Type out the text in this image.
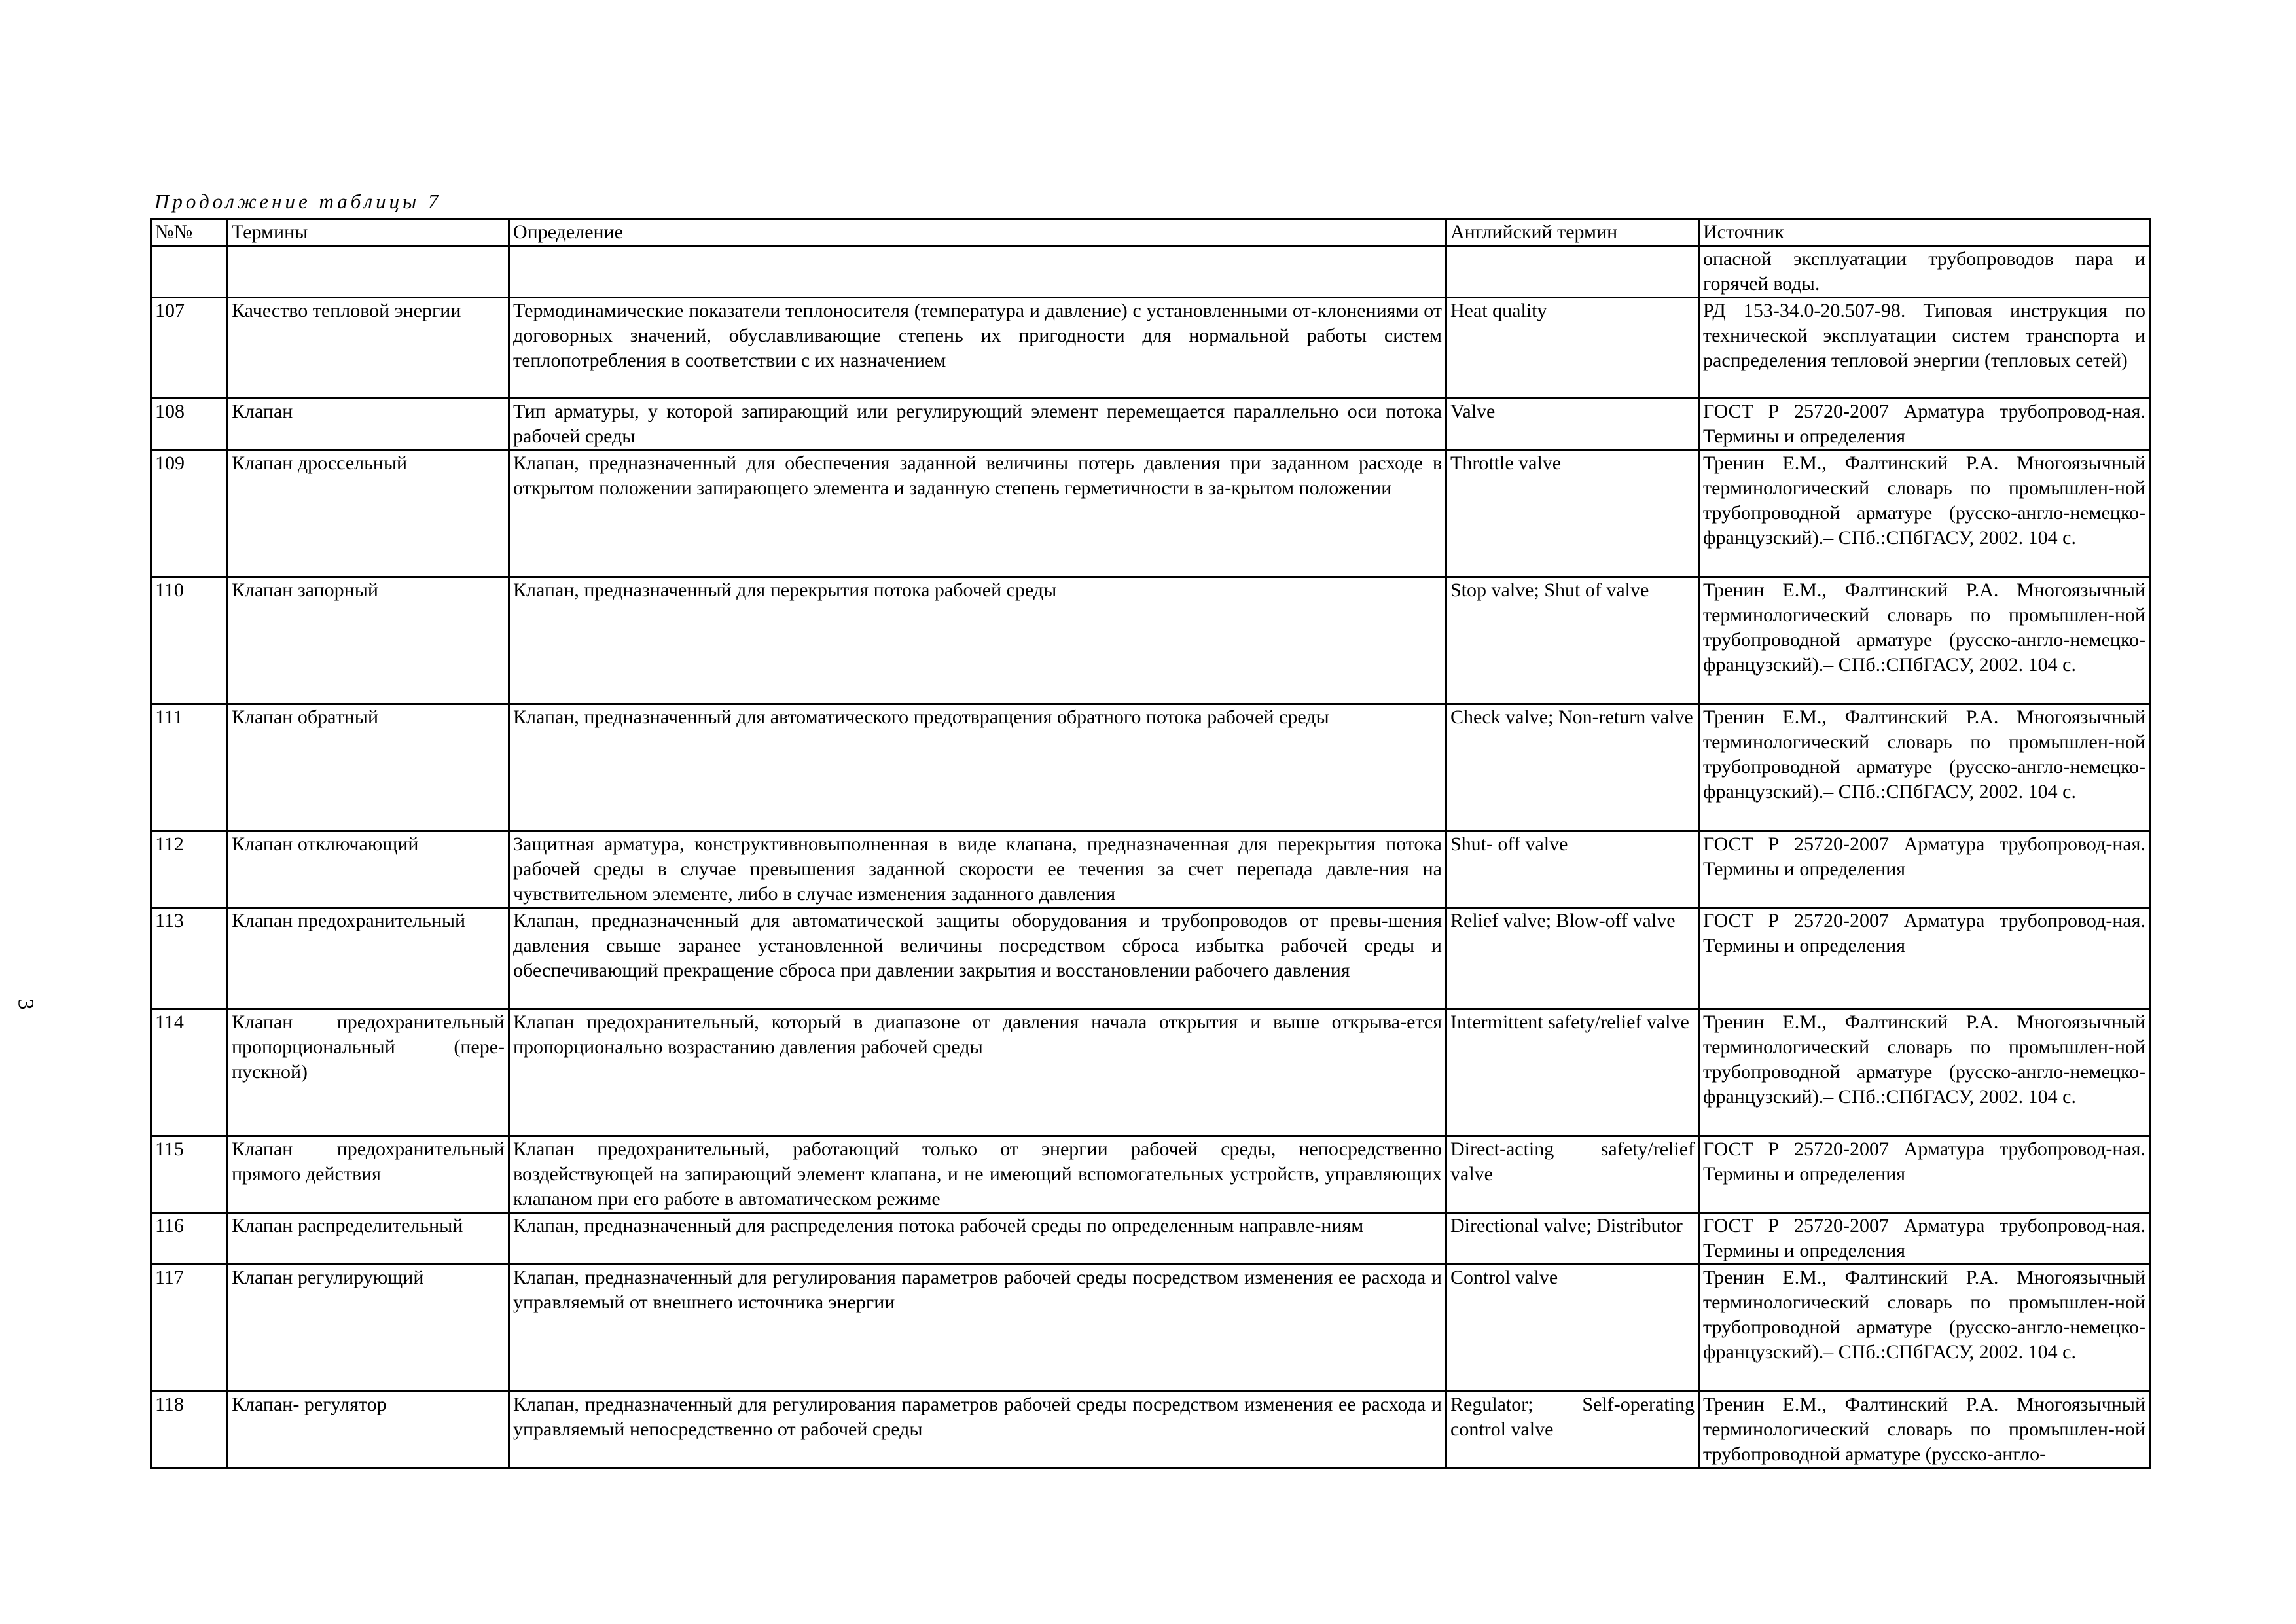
Продолжение таблицы 7
3
№№	Термины	Определение	Английский термин	Источник
				опасной эксплуатации трубопроводов пара и горячей воды.
107	Качество тепловой энергии	Термодинамические показатели теплоносителя (температура и давление) с установленными от-клонениями от договорных значений, обуславливающие степень их пригодности для нормальной работы систем теплопотребления в соответствии с их назначением	Heat quality	РД 153-34.0-20.507-98. Типовая инструкция по технической эксплуатации систем транспорта и распределения тепловой энергии (тепловых сетей)
108	Клапан	Тип арматуры, у которой запирающий или регулирующий элемент перемещается параллельно оси потока рабочей среды	Valve	ГОСТ Р 25720-2007 Арматура трубопровод-ная. Термины и определения
109	Клапан дроссельный	Клапан, предназначенный для обеспечения заданной величины потерь давления при заданном расходе в открытом положении запирающего элемента и заданную степень герметичности в за-крытом положении	Throttle valve	Тренин Е.М., Фалтинский Р.А. Многоязычный терминологический словарь по промышлен-ной трубопроводной арматуре (русско-англо-немецко-французский).– СПб.:СПбГАСУ, 2002. 104 с.
110	Клапан запорный	Клапан, предназначенный для перекрытия потока рабочей среды	Stop valve; Shut of valve	Тренин Е.М., Фалтинский Р.А. Многоязычный терминологический словарь по промышлен-ной трубопроводной арматуре (русско-англо-немецко-французский).– СПб.:СПбГАСУ, 2002. 104 с.
111	Клапан обратный	Клапан, предназначенный для автоматического предотвращения обратного потока рабочей среды	Check valve; Non-return valve	Тренин Е.М., Фалтинский Р.А. Многоязычный терминологический словарь по промышлен-ной трубопроводной арматуре (русско-англо-немецко-французский).– СПб.:СПбГАСУ, 2002. 104 с.
112	Клапан отключающий	Защитная арматура, конструктивновыполненная в виде клапана, предназначенная для перекрытия потока рабочей среды в случае превышения заданной скорости ее течения за счет перепада давле-ния на чувствительном элементе, либо в случае изменения заданного давления	Shut- off valve	ГОСТ Р 25720-2007 Арматура трубопровод-ная. Термины и определения
113	Клапан предохранительный	Клапан, предназначенный для автоматической защиты оборудования и трубопроводов от превы-шения давления свыше заранее установленной величины посредством сброса избытка рабочей среды и обеспечивающий прекращение сброса при давлении закрытия и восстановлении рабочего давления	Relief valve; Blow-off valve	ГОСТ Р 25720-2007 Арматура трубопровод-ная. Термины и определения
114	Клапан предохранительный пропорциональный (пере-пускной)	Клапан предохранительный, который в диапазоне от давления начала открытия и выше открыва-ется пропорционально возрастанию давления рабочей среды	Intermittent safety/relief valve	Тренин Е.М., Фалтинский Р.А. Многоязычный терминологический словарь по промышлен-ной трубопроводной арматуре (русско-англо-немецко-французский).– СПб.:СПбГАСУ, 2002. 104 с.
115	Клапан предохранительный прямого действия	Клапан предохранительный, работающий только от энергии рабочей среды, непосредственно воздействующей на запирающий элемент клапана, и не имеющий вспомогательных устройств, управляющих клапаном при его работе в автоматическом режиме	Direct-acting safety/relief valve	ГОСТ Р 25720-2007 Арматура трубопровод-ная. Термины и определения
116	Клапан распределительный	Клапан, предназначенный для распределения потока рабочей среды по определенным направле-ниям	Directional valve; Distributor	ГОСТ Р 25720-2007 Арматура трубопровод-ная. Термины и определения
117	Клапан регулирующий	Клапан, предназначенный для регулирования параметров рабочей среды посредством изменения ее расхода и управляемый от внешнего источника энергии	Control valve	Тренин Е.М., Фалтинский Р.А. Многоязычный терминологический словарь по промышлен-ной трубопроводной арматуре (русско-англо-немецко-французский).– СПб.:СПбГАСУ, 2002. 104 с.
118	Клапан- регулятор	Клапан, предназначенный для регулирования параметров рабочей среды посредством изменения ее расхода и управляемый непосредственно от рабочей среды	Regulator; Self-operating control valve	Тренин Е.М., Фалтинский Р.А. Многоязычный терминологический словарь по промышлен-ной трубопроводной арматуре (русско-англо-
